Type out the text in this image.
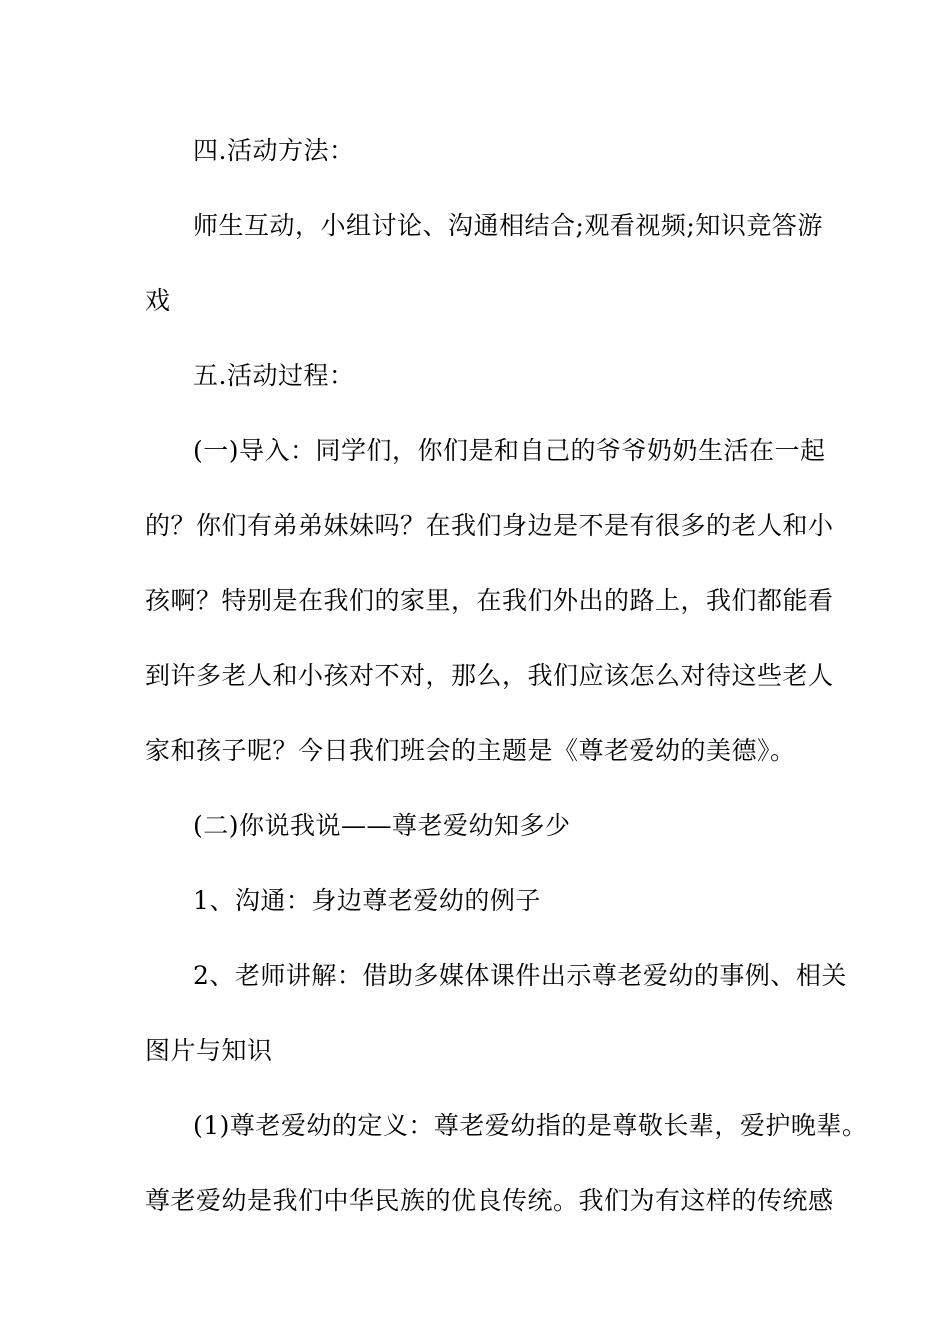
四.活动方法：
师生互动，小组讨论、沟通相结合;观看视频;知识竞答游
戏
五.活动过程：
(一)导入：同学们，你们是和自己的爷爷奶奶生活在一起
的？你们有弟弟妹妹吗？在我们身边是不是有很多的老人和小
孩啊？特别是在我们的家里，在我们外出的路上，我们都能看
到许多老人和小孩对不对，那么，我们应该怎么对待这些老人
家和孩子呢？今日我们班会的主题是《尊老爱幼的美德》。
(二)你说我说——尊老爱幼知多少
1、沟通：身边尊老爱幼的例子
2、老师讲解：借助多媒体课件出示尊老爱幼的事例、相关
图片与知识
(1)尊老爱幼的定义：尊老爱幼指的是尊敬长辈，爱护晚辈。
尊老爱幼是我们中华民族的优良传统。我们为有这样的传统感
